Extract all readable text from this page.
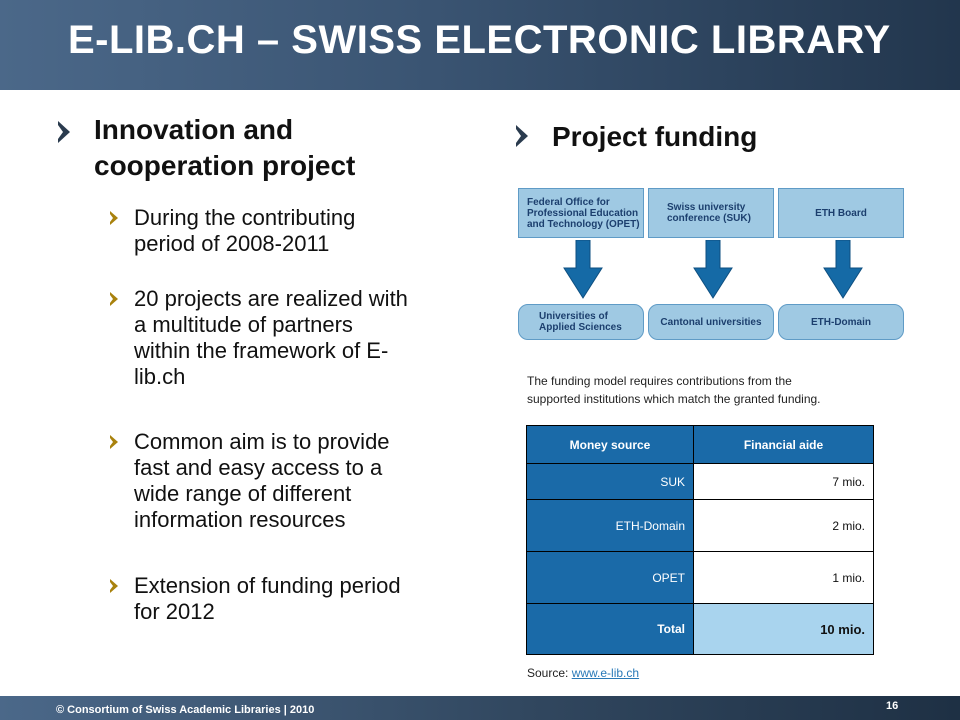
E-LIB.CH – SWISS ELECTRONIC LIBRARY
Innovation and
cooperation project
During the contributing
period of 2008-2011
20 projects are realized with
a multitude of partners
within the framework of E-
lib.ch
Common aim is to provide
fast and easy access to a
wide range of different
information resources
Extension of funding period
for 2012
Project funding
Federal Office for
Professional Education
and Technology (OPET)
Swiss university
conference (SUK)	ETH Board
Universities of
Applied Sciences	Cantonal universities	ETH-Domain
The funding model requires contributions from the
supported institutions which match the granted funding.
Money source	Financial aide
SUK	7 mio.
ETH-Domain	2 mio.
OPET	1 mio.
Total	10 mio.
Source: www.e-lib.ch
© Consortium of Swiss Academic Libraries | 2010	16
